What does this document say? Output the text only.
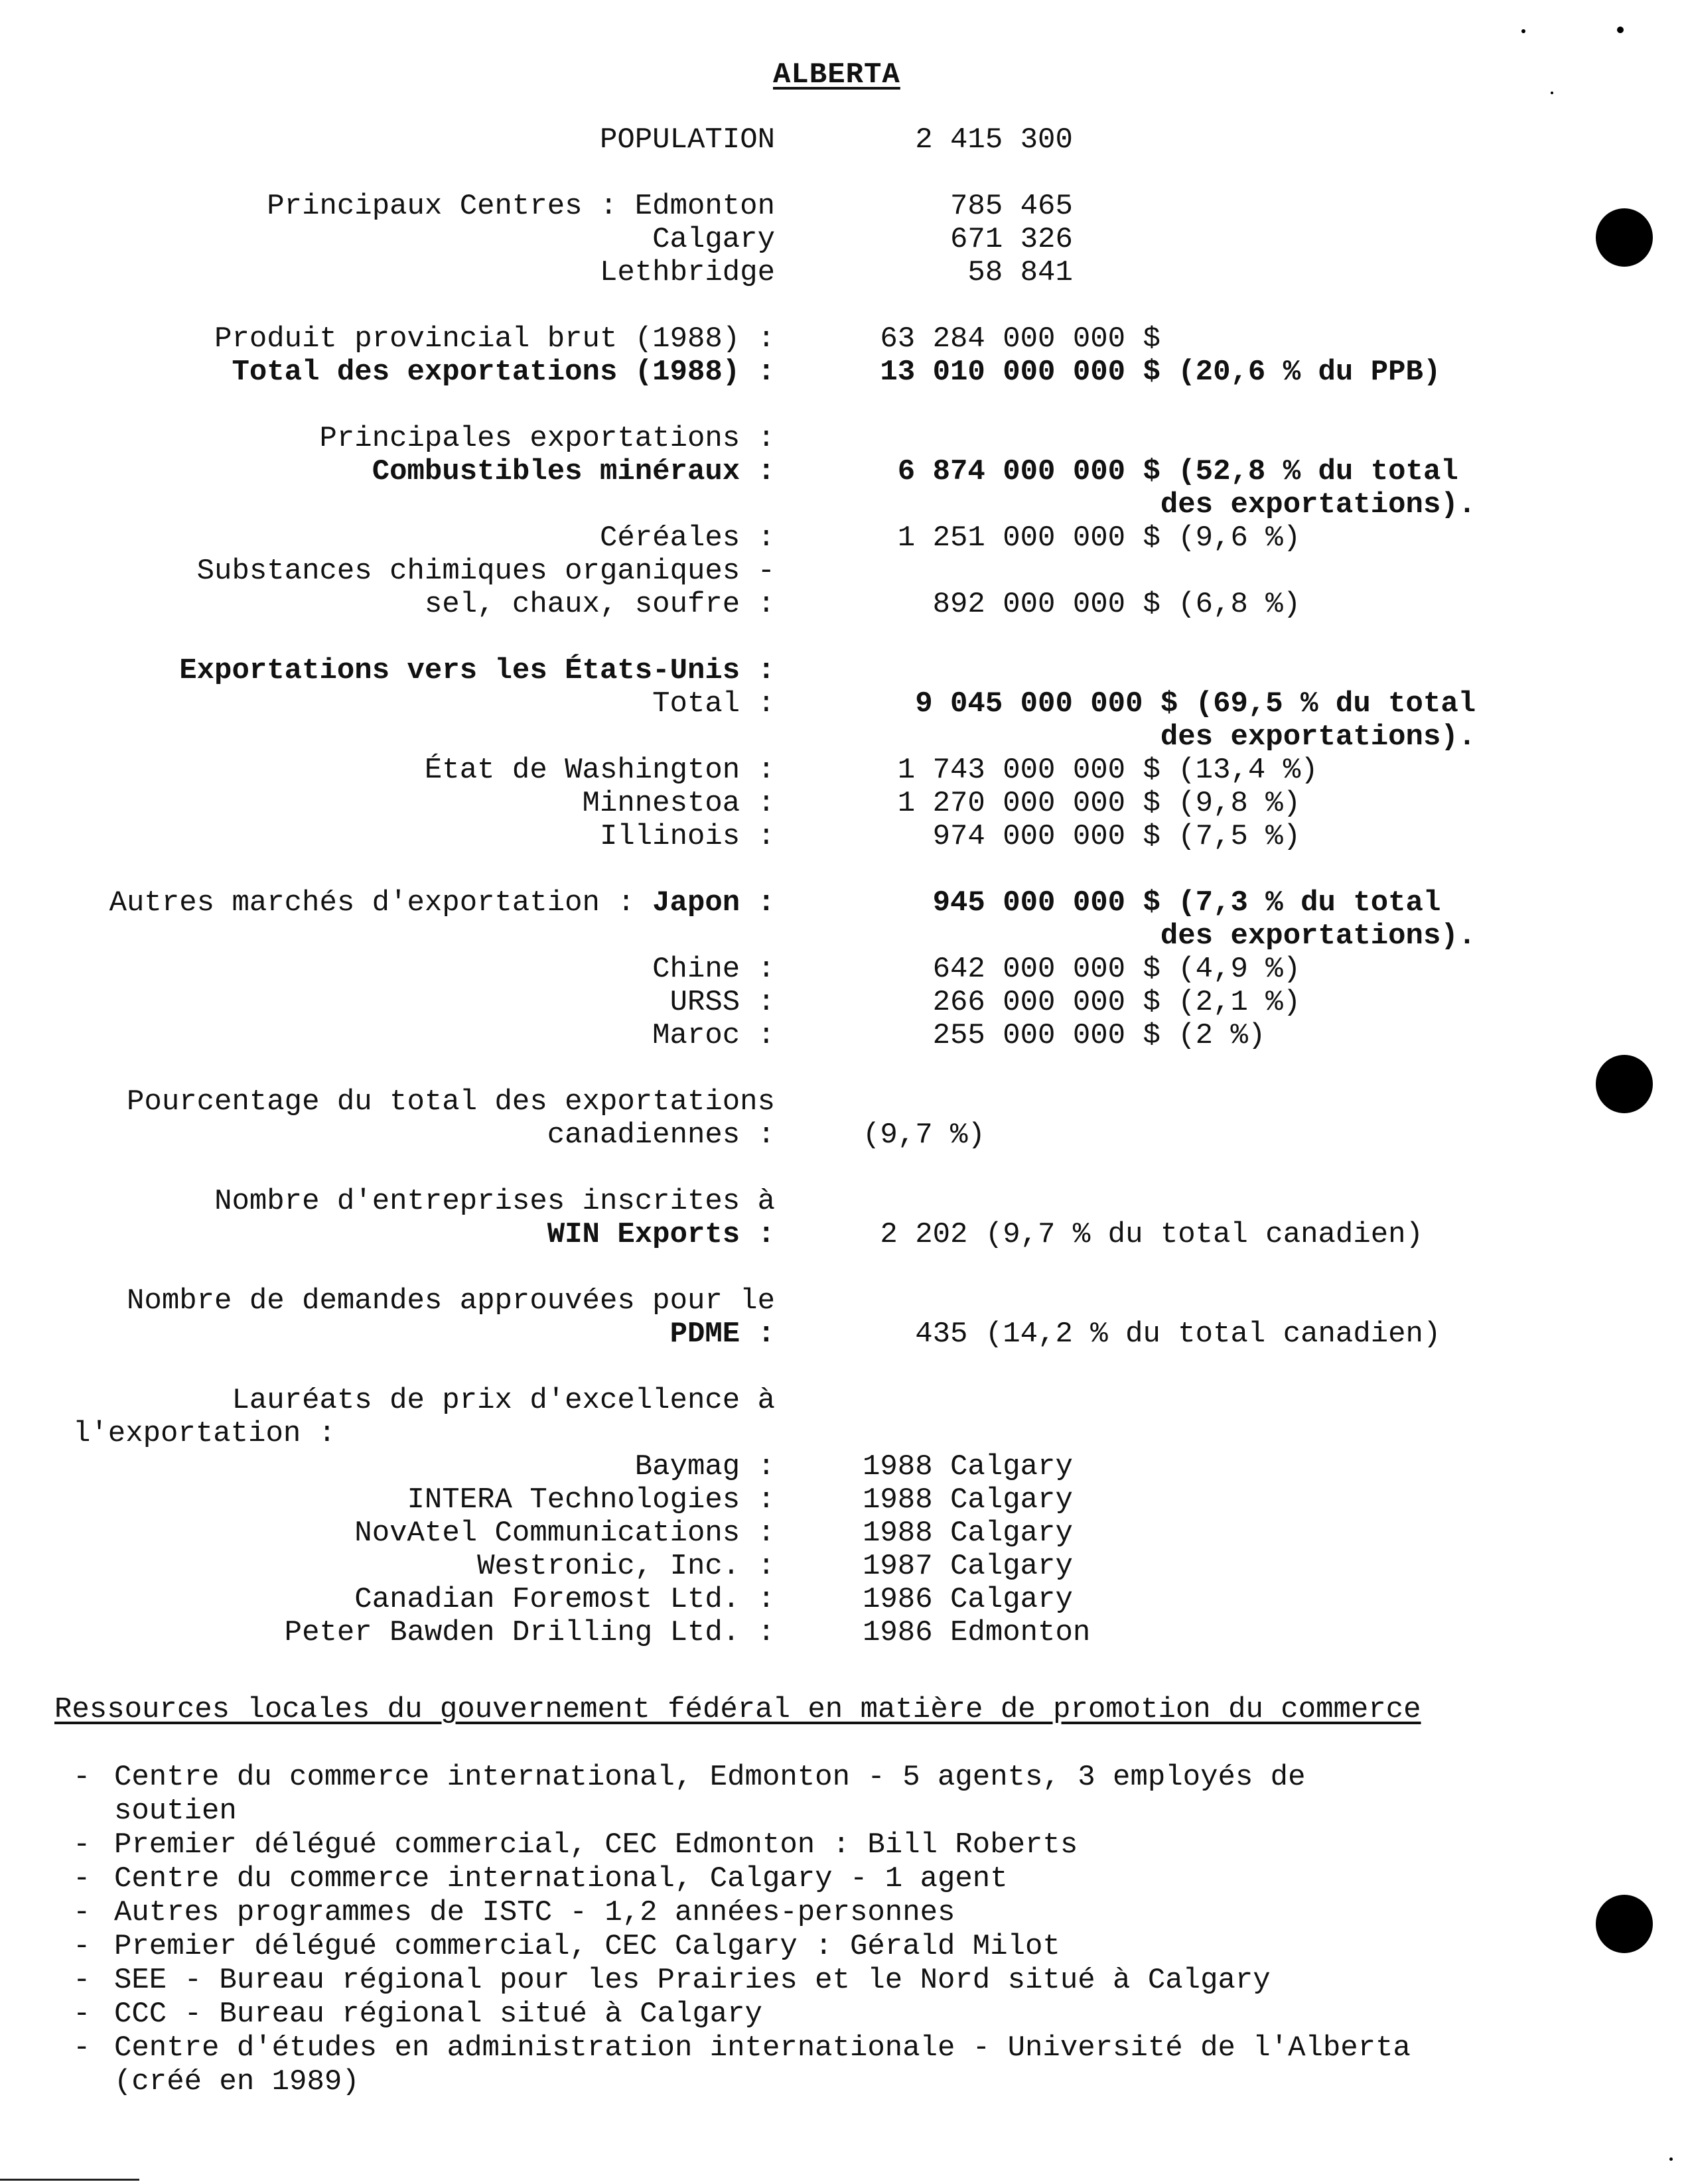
ALBERTA
POPULATION	2 415 300
Principaux Centres : Edmonton	785 465
Calgary	671 326
Lethbridge	58 841
Produit provincial brut (1988) :	63 284 000 000 $
Total des exportations (1988) :	13 010 000 000 $ (20,6 % du PPB)
Principales exportations :
Combustibles minéraux :	6 874 000 000 $ (52,8 % du total
des exportations).
Céréales :	1 251 000 000 $ (9,6 %)
Substances chimiques organiques -
sel, chaux, soufre :	892 000 000 $ (6,8 %)
Exportations vers les États-Unis :
Total :	9 045 000 000 $ (69,5 % du total
des exportations).
État de Washington :	1 743 000 000 $ (13,4 %)
Minnestoa :	1 270 000 000 $ (9,8 %)
Illinois :	974 000 000 $ (7,5 %)
Autres marchés d'exportation : Japon :	945 000 000 $ (7,3 % du total
des exportations).
Chine :	642 000 000 $ (4,9 %)
URSS :	266 000 000 $ (2,1 %)
Maroc :	255 000 000 $ (2 %)
Pourcentage du total des exportations
canadiennes :	(9,7 %)
Nombre d'entreprises inscrites à
WIN Exports :	2 202 (9,7 % du total canadien)
Nombre de demandes approuvées pour le
PDME :	435 (14,2 % du total canadien)
Lauréats de prix d'excellence à
l'exportation :
Baymag :	1988 Calgary
INTERA Technologies :	1988 Calgary
NovAtel Communications :	1988 Calgary
Westronic, Inc. :	1987 Calgary
Canadian Foremost Ltd. :	1986 Calgary
Peter Bawden Drilling Ltd. :	1986 Edmonton
Ressources locales du gouvernement fédéral en matière de promotion du commerce
- Centre du commerce international, Edmonton - 5 agents, 3 employés de
soutien
- Premier délégué commercial, CEC Edmonton : Bill Roberts
- Centre du commerce international, Calgary - 1 agent
- Autres programmes de ISTC - 1,2 années-personnes
- Premier délégué commercial, CEC Calgary : Gérald Milot
- SEE - Bureau régional pour les Prairies et le Nord situé à Calgary
- CCC - Bureau régional situé à Calgary
- Centre d'études en administration internationale - Université de l'Alberta
(créé en 1989)
